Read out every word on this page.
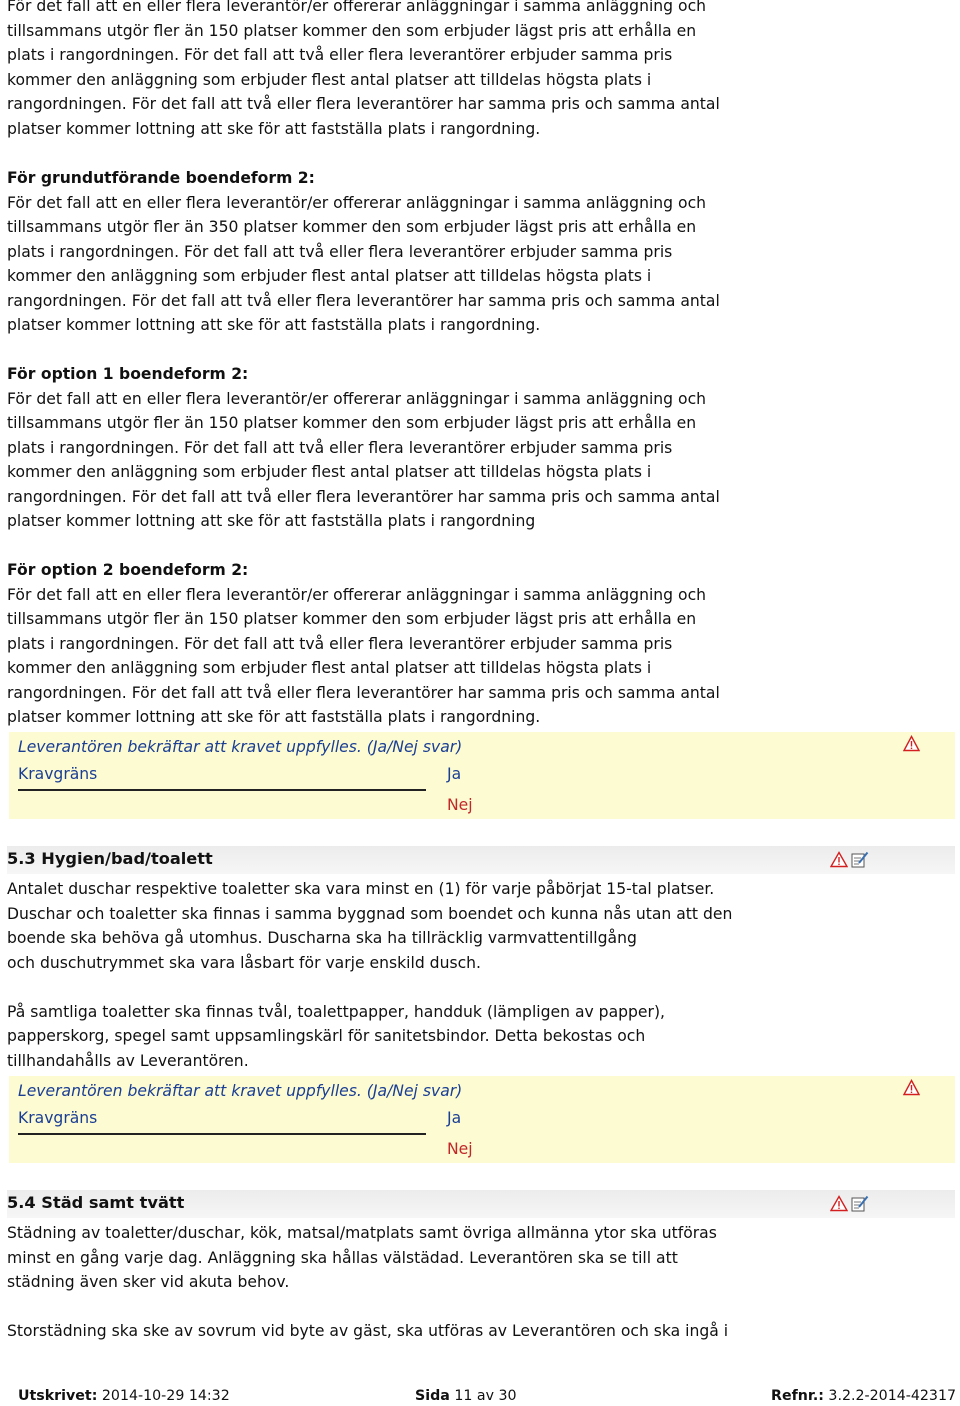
För det fall att en eller flera leverantör/er offererar anläggningar i samma anläggning och

tillsammans utgör fler än 150 platser kommer den som erbjuder lägst pris att erhålla en

plats i rangordningen. För det fall att två eller flera leverantörer erbjuder samma pris

kommer den anläggning som erbjuder flest antal platser att tilldelas högsta plats i

rangordningen. För det fall att två eller flera leverantörer har samma pris och samma antal

platser kommer lottning att ske för att fastställa plats i rangordning.

För grundutförande boendeform 2:

För det fall att en eller flera leverantör/er offererar anläggningar i samma anläggning och

tillsammans utgör fler än 350 platser kommer den som erbjuder lägst pris att erhålla en

plats i rangordningen. För det fall att två eller flera leverantörer erbjuder samma pris

kommer den anläggning som erbjuder flest antal platser att tilldelas högsta plats i

rangordningen. För det fall att två eller flera leverantörer har samma pris och samma antal

platser kommer lottning att ske för att fastställa plats i rangordning.

För option 1 boendeform 2:

För det fall att en eller flera leverantör/er offererar anläggningar i samma anläggning och

tillsammans utgör fler än 150 platser kommer den som erbjuder lägst pris att erhålla en

plats i rangordningen. För det fall att två eller flera leverantörer erbjuder samma pris

kommer den anläggning som erbjuder flest antal platser att tilldelas högsta plats i

rangordningen. För det fall att två eller flera leverantörer har samma pris och samma antal

platser kommer lottning att ske för att fastställa plats i rangordning

För option 2 boendeform 2:

För det fall att en eller flera leverantör/er offererar anläggningar i samma anläggning och

tillsammans utgör fler än 150 platser kommer den som erbjuder lägst pris att erhålla en

plats i rangordningen. För det fall att två eller flera leverantörer erbjuder samma pris

kommer den anläggning som erbjuder flest antal platser att tilldelas högsta plats i

rangordningen. För det fall att två eller flera leverantörer har samma pris och samma antal

platser kommer lottning att ske för att fastställa plats i rangordning.

Leverantören bekräftar att kravet uppfylles. (Ja/Nej svar)
Kravgräns	Ja
Nej
5.3 Hygien/bad/toalett

Antalet duschar respektive toaletter ska vara minst en (1) för varje påbörjat 15-tal platser.

Duschar och toaletter ska finnas i samma byggnad som boendet och kunna nås utan att den

boende ska behöva gå utomhus. Duscharna ska ha tillräcklig varmvattentillgång

och duschutrymmet ska vara låsbart för varje enskild dusch.

På samtliga toaletter ska finnas tvål, toalettpapper, handduk (lämpligen av papper),

papperskorg, spegel samt uppsamlingskärl för sanitetsbindor. Detta bekostas och

tillhandahålls av Leverantören.

Leverantören bekräftar att kravet uppfylles. (Ja/Nej svar)
Kravgräns	Ja
Nej
5.4 Städ samt tvätt

Städning av toaletter/duschar, kök, matsal/matplats samt övriga allmänna ytor ska utföras

minst en gång varje dag. Anläggning ska hållas välstädad. Leverantören ska se till att

städning även sker vid akuta behov.

Storstädning ska ske av sovrum vid byte av gäst, ska utföras av Leverantören och ska ingå i

Utskrivet: 2014-10-29 14:32	Sida 11 av 30	Refnr.: 3.2.2-2014-42317
